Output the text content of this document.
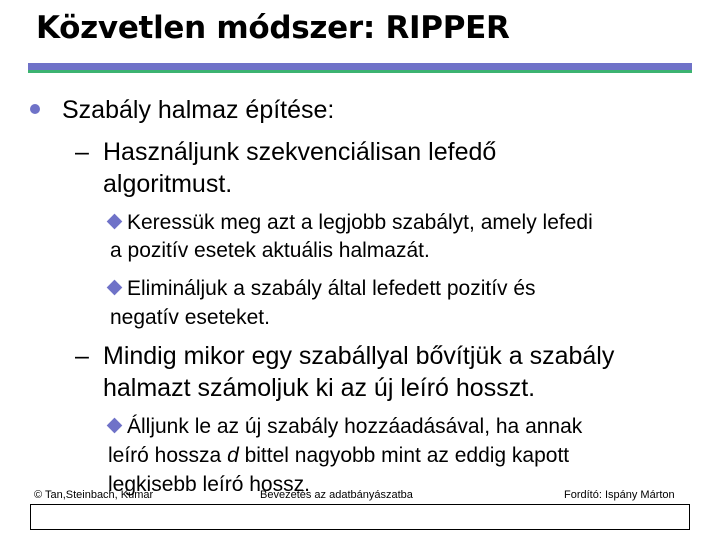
Közvetlen módszer: RIPPER
Szabály halmaz építése:
– Használjunk szekvenciálisan lefedő
algoritmust.
Keressük meg azt a legjobb szabályt, amely lefedi
a pozitív esetek aktuális halmazát.
Elimináljuk a szabály által lefedett pozitív és
negatív eseteket.
– Mindig mikor egy szabállyal bővítjük a szabály
halmazt számoljuk ki az új leíró hosszt.
Álljunk le az új szabály hozzáadásával, ha annak
leíró hossza d bittel nagyobb mint az eddig kapott
legkisebb leíró hossz.
© Tan,Steinbach, Kumar	Bevezetés az adatbányászatba	Fordító: Ispány Márton
